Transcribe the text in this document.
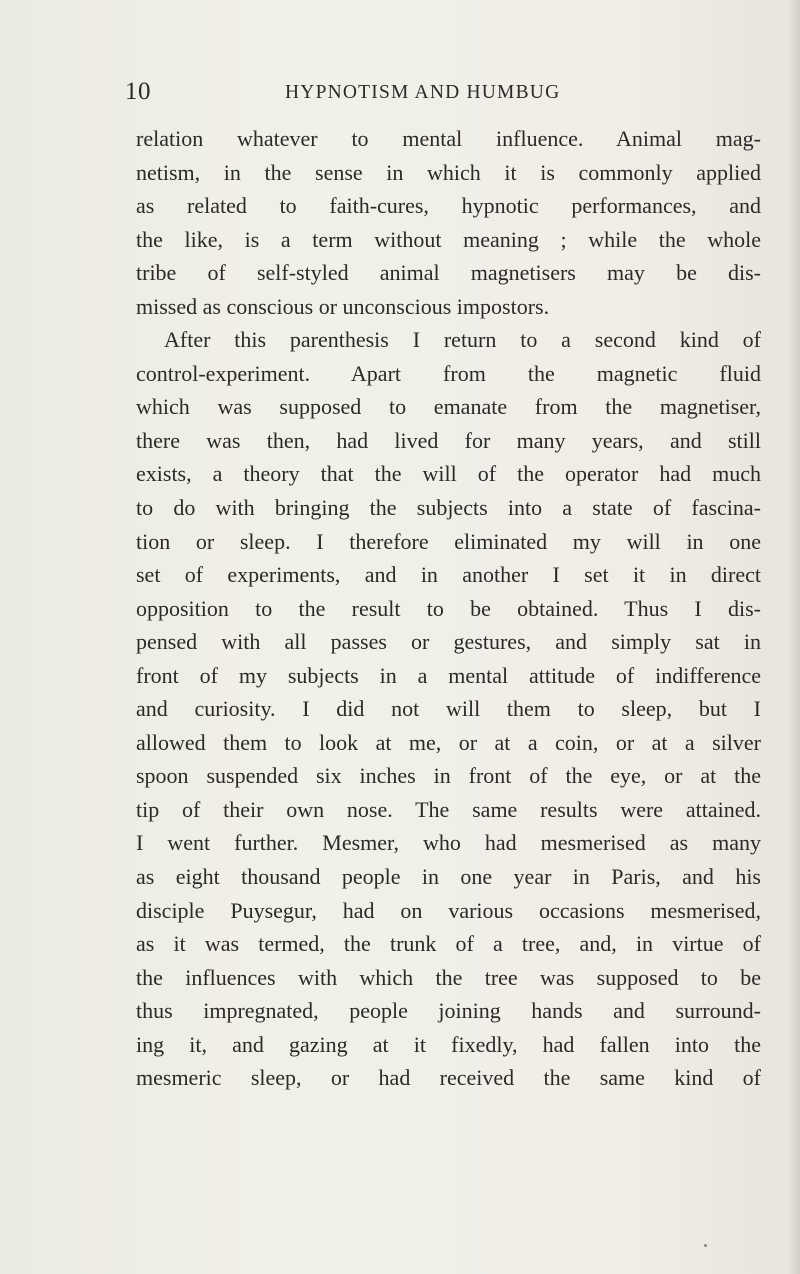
10	HYPNOTISM AND HUMBUG
relation whatever to mental influence. Animal mag-
netism, in the sense in which it is commonly applied
as related to faith-cures, hypnotic performances, and
the like, is a term without meaning ; while the whole
tribe of self-styled animal magnetisers may be dis-
missed as conscious or unconscious impostors.
After this parenthesis I return to a second kind of
control-experiment. Apart from the magnetic fluid
which was supposed to emanate from the magnetiser,
there was then, had lived for many years, and still
exists, a theory that the will of the operator had much
to do with bringing the subjects into a state of fascina-
tion or sleep. I therefore eliminated my will in one
set of experiments, and in another I set it in direct
opposition to the result to be obtained. Thus I dis-
pensed with all passes or gestures, and simply sat in
front of my subjects in a mental attitude of indifference
and curiosity. I did not will them to sleep, but I
allowed them to look at me, or at a coin, or at a silver
spoon suspended six inches in front of the eye, or at the
tip of their own nose. The same results were attained.
I went further. Mesmer, who had mesmerised as many
as eight thousand people in one year in Paris, and his
disciple Puysegur, had on various occasions mesmerised,
as it was termed, the trunk of a tree, and, in virtue of
the influences with which the tree was supposed to be
thus impregnated, people joining hands and surround-
ing it, and gazing at it fixedly, had fallen into the
mesmeric sleep, or had received the same kind of
